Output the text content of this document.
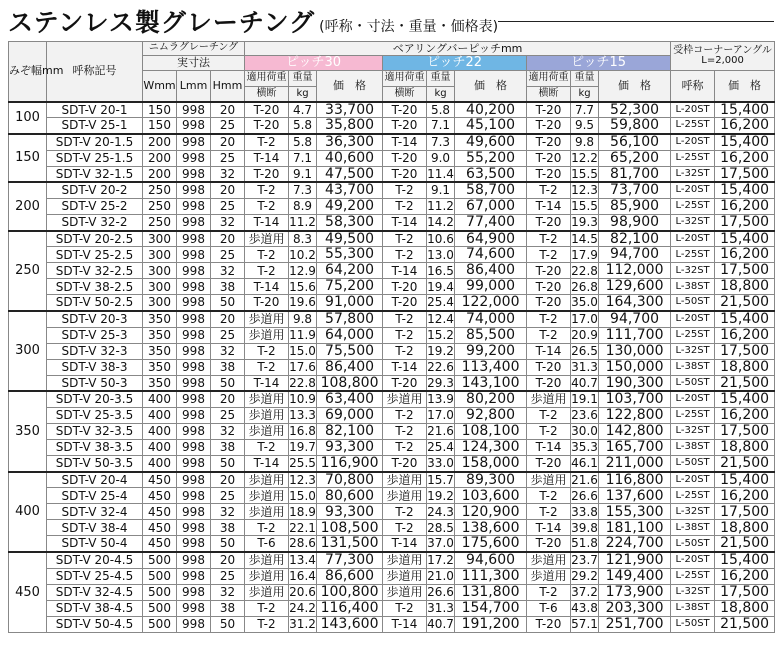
ステンレス製グレーチング (呼称・寸法・重量・価格表)
みぞ幅mm	呼称記号	ニムラグレーチング			ベアリングバーピッチmm									受枠コーナーアングル
L=2,000	

		実寸法			ピッチ30			ピッチ22			ピッチ15				
		Wmm	Lmm	Hmm	適用荷重	重量	価　格	適用荷重	重量	価　格	適用荷重	重量	価　格	呼称	価　格
					横断	kg		横断	kg		横断	kg			
100	SDT-V 20-1	150	998	20	T-20	4.7	33,700	T-20	5.8	40,200	T-20	7.7	52,300	L-20ST	15,400
	SDT-V 25-1	150	998	25	T-20	5.8	35,800	T-20	7.1	45,100	T-20	9.5	59,800	L-25ST	16,200
150	SDT-V 20-1.5	200	998	20	T-2	5.8	36,300	T-14	7.3	49,600	T-20	9.8	56,100	L-20ST	15,400
	SDT-V 25-1.5	200	998	25	T-14	7.1	40,600	T-20	9.0	55,200	T-20	12.2	65,200	L-25ST	16,200
	SDT-V 32-1.5	200	998	32	T-20	9.1	47,500	T-20	11.4	63,500	T-20	15.5	81,700	L-32ST	17,500
200	SDT-V 20-2	250	998	20	T-2	7.3	43,700	T-2	9.1	58,700	T-2	12.3	73,700	L-20ST	15,400
	SDT-V 25-2	250	998	25	T-2	8.9	49,200	T-2	11.2	67,000	T-14	15.5	85,900	L-25ST	16,200
	SDT-V 32-2	250	998	32	T-14	11.2	58,300	T-14	14.2	77,400	T-20	19.3	98,900	L-32ST	17,500
250	SDT-V 20-2.5	300	998	20	歩道用	8.3	49,500	T-2	10.6	64,900	T-2	14.5	82,100	L-20ST	15,400
	SDT-V 25-2.5	300	998	25	T-2	10.2	55,300	T-2	13.0	74,600	T-2	17.9	94,700	L-25ST	16,200
	SDT-V 32-2.5	300	998	32	T-2	12.9	64,200	T-14	16.5	86,400	T-20	22.8	112,000	L-32ST	17,500
	SDT-V 38-2.5	300	998	38	T-14	15.6	75,200	T-20	19.4	99,000	T-20	26.8	129,600	L-38ST	18,800
	SDT-V 50-2.5	300	998	50	T-20	19.6	91,000	T-20	25.4	122,000	T-20	35.0	164,300	L-50ST	21,500
300	SDT-V 20-3	350	998	20	歩道用	9.8	57,800	T-2	12.4	74,000	T-2	17.0	94,700	L-20ST	15,400
	SDT-V 25-3	350	998	25	歩道用	11.9	64,000	T-2	15.2	85,500	T-2	20.9	111,700	L-25ST	16,200
	SDT-V 32-3	350	998	32	T-2	15.0	75,500	T-2	19.2	99,200	T-14	26.5	130,000	L-32ST	17,500
	SDT-V 38-3	350	998	38	T-2	17.6	86,400	T-14	22.6	113,400	T-20	31.3	150,000	L-38ST	18,800
	SDT-V 50-3	350	998	50	T-14	22.8	108,800	T-20	29.3	143,100	T-20	40.7	190,300	L-50ST	21,500
350	SDT-V 20-3.5	400	998	20	歩道用	10.9	63,400	歩道用	13.9	80,200	歩道用	19.1	103,700	L-20ST	15,400
	SDT-V 25-3.5	400	998	25	歩道用	13.3	69,000	T-2	17.0	92,800	T-2	23.6	122,800	L-25ST	16,200
	SDT-V 32-3.5	400	998	32	歩道用	16.8	82,100	T-2	21.6	108,100	T-2	30.0	142,800	L-32ST	17,500
	SDT-V 38-3.5	400	998	38	T-2	19.7	93,300	T-2	25.4	124,300	T-14	35.3	165,700	L-38ST	18,800
	SDT-V 50-3.5	400	998	50	T-14	25.5	116,900	T-20	33.0	158,000	T-20	46.1	211,000	L-50ST	21,500
400	SDT-V 20-4	450	998	20	歩道用	12.3	70,800	歩道用	15.7	89,300	歩道用	21.6	116,800	L-20ST	15,400
	SDT-V 25-4	450	998	25	歩道用	15.0	80,600	歩道用	19.2	103,600	T-2	26.6	137,600	L-25ST	16,200
	SDT-V 32-4	450	998	32	歩道用	18.9	93,300	T-2	24.3	120,900	T-2	33.8	155,300	L-32ST	17,500
	SDT-V 38-4	450	998	38	T-2	22.1	108,500	T-2	28.5	138,600	T-14	39.8	181,100	L-38ST	18,800
	SDT-V 50-4	450	998	50	T-6	28.6	131,500	T-14	37.0	175,600	T-20	51.8	224,700	L-50ST	21,500
450	SDT-V 20-4.5	500	998	20	歩道用	13.4	77,300	歩道用	17.2	94,600	歩道用	23.7	121,900	L-20ST	15,400
	SDT-V 25-4.5	500	998	25	歩道用	16.4	86,600	歩道用	21.0	111,300	歩道用	29.2	149,400	L-25ST	16,200
	SDT-V 32-4.5	500	998	32	歩道用	20.6	100,800	歩道用	26.6	131,800	T-2	37.2	173,900	L-32ST	17,500
	SDT-V 38-4.5	500	998	38	T-2	24.2	116,400	T-2	31.3	154,700	T-6	43.8	203,300	L-38ST	18,800
	SDT-V 50-4.5	500	998	50	T-2	31.2	143,600	T-14	40.7	191,200	T-20	57.1	251,700	L-50ST	21,500
